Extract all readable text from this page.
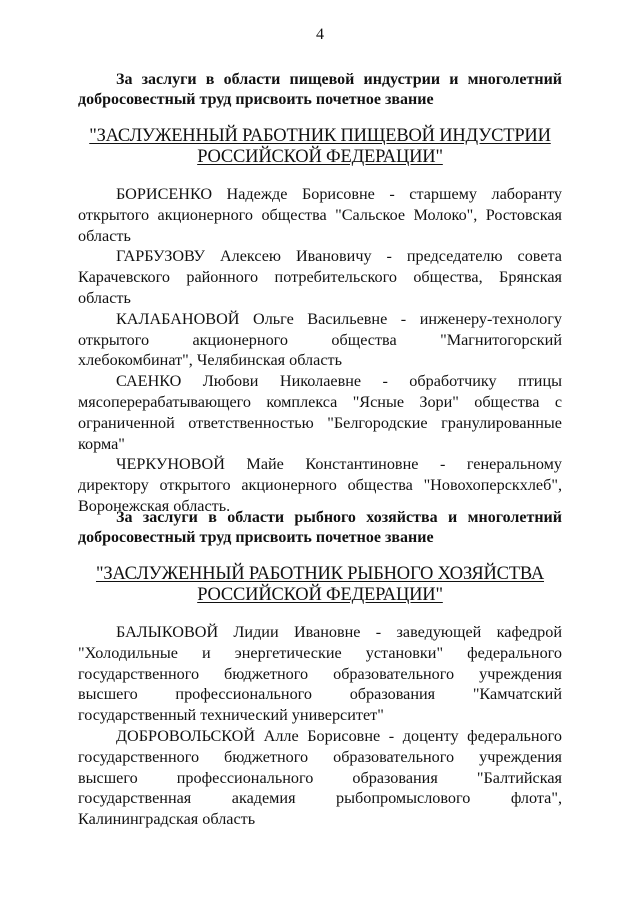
4

За заслуги в области пищевой индустрии и многолетний добросовестный труд присвоить почетное звание

"ЗАСЛУЖЕННЫЙ РАБОТНИК ПИЩЕВОЙ ИНДУСТРИИ

РОССИЙСКОЙ ФЕДЕРАЦИИ"

БОРИСЕНКО Надежде Борисовне - старшему лаборанту открытого акционерного общества "Сальское Молоко", Ростовская область

ГАРБУЗОВУ Алексею Ивановичу - председателю совета Карачевского районного потребительского общества, Брянская область

КАЛАБАНОВОЙ Ольге Васильевне - инженеру-технологу открытого акционерного общества "Магнитогорский хлебокомбинат", Челябинская область

САЕНКО Любови Николаевне - обработчику птицы мясоперерабатывающего комплекса "Ясные Зори" общества с ограниченной ответственностью "Белгородские гранулированные корма"

ЧЕРКУНОВОЙ Майе Константиновне - генеральному директору открытого акционерного общества "Новохоперскхлеб", Воронежская область.

За заслуги в области рыбного хозяйства и многолетний добросовестный труд присвоить почетное звание

"ЗАСЛУЖЕННЫЙ РАБОТНИК РЫБНОГО ХОЗЯЙСТВА

РОССИЙСКОЙ ФЕДЕРАЦИИ"

БАЛЫКОВОЙ Лидии Ивановне - заведующей кафедрой "Холодильные и энергетические установки" федерального государственного бюджетного образовательного учреждения высшего профессионального образования "Камчатский государственный технический университет"

ДОБРОВОЛЬСКОЙ Алле Борисовне - доценту федерального государственного бюджетного образовательного учреждения высшего профессионального образования "Балтийская государственная академия рыбопромыслового флота", Калининградская область
